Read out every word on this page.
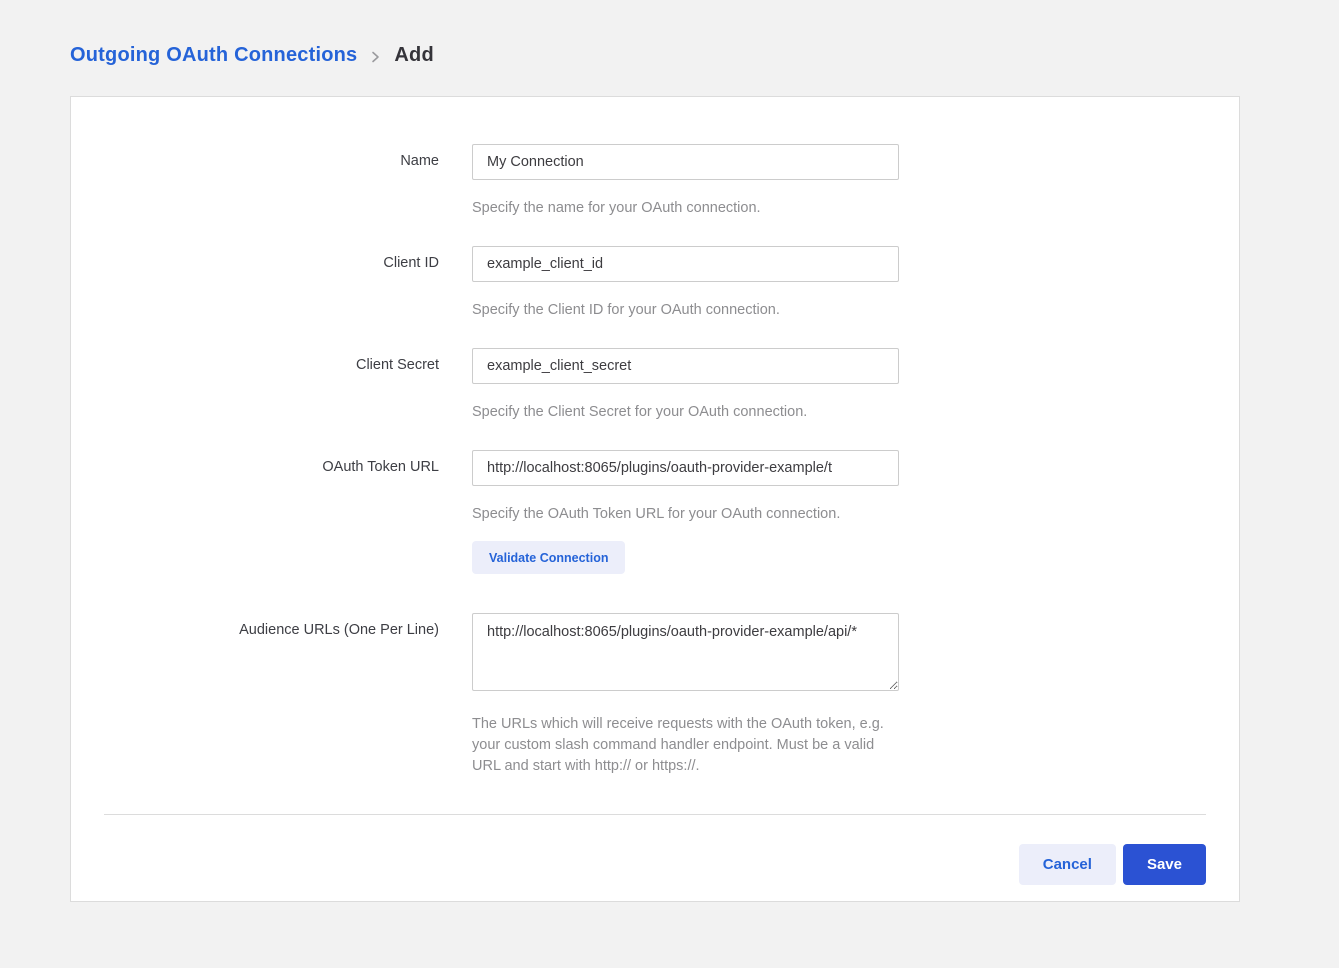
Outgoing OAuth Connections Add
Name
My Connection
Specify the name for your OAuth connection.
Client ID
example_client_id
Specify the Client ID for your OAuth connection.
Client Secret
example_client_secret
Specify the Client Secret for your OAuth connection.
OAuth Token URL
http://localhost:8065/plugins/oauth-provider-example/t
Specify the OAuth Token URL for your OAuth connection.
Validate Connection
Audience URLs (One Per Line)
http://localhost:8065/plugins/oauth-provider-example/api/*
The URLs which will receive requests with the OAuth token, e.g. your custom slash command handler endpoint. Must be a valid URL and start with http:// or https://.
Cancel	Save
